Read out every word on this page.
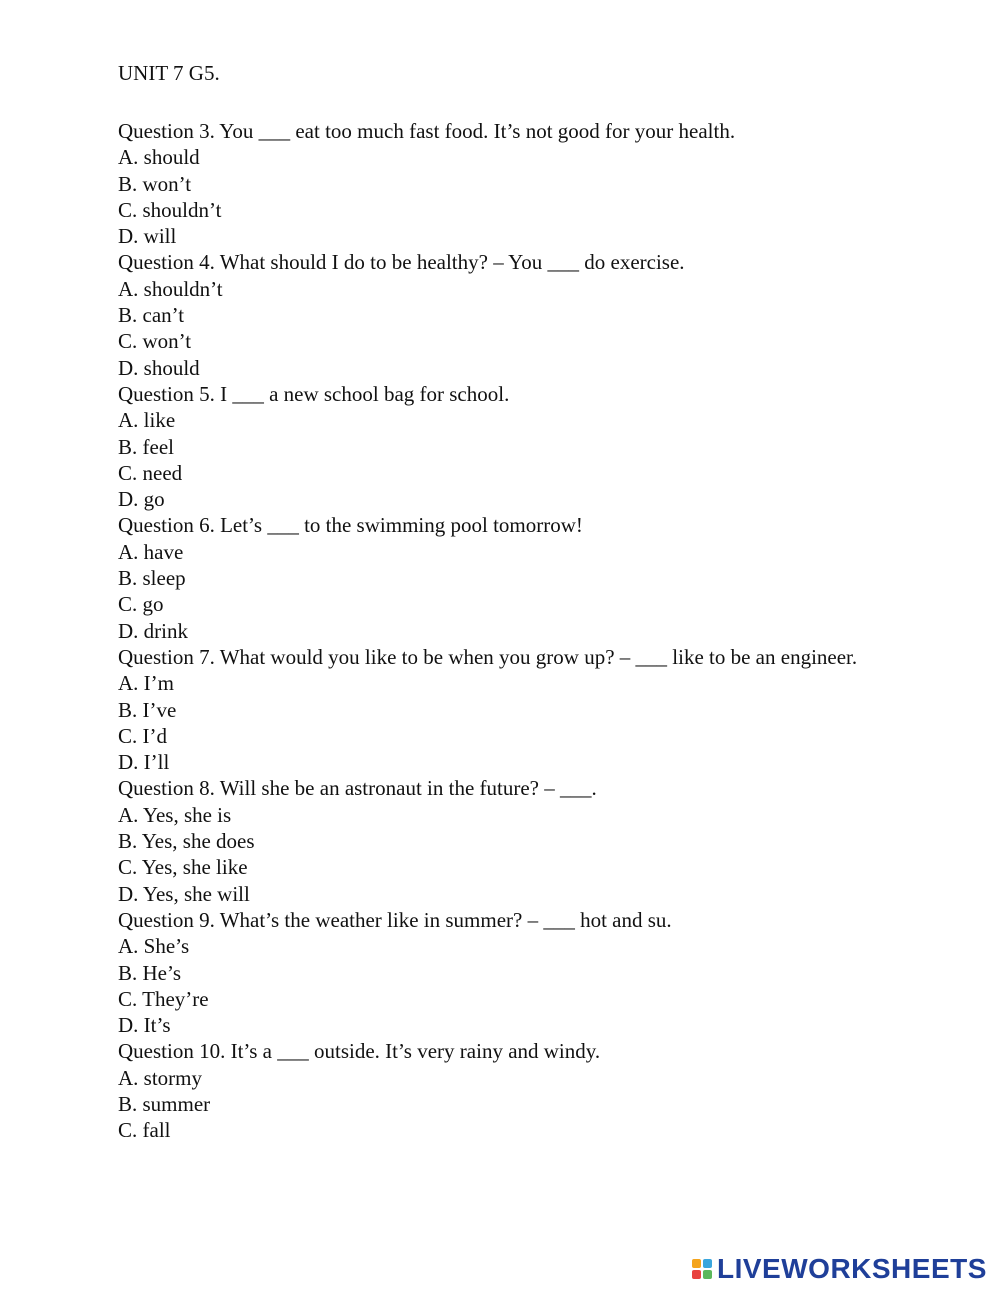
UNIT 7 G5.

Question 3. You ___ eat too much fast food. It’s not good for your health.

A. should

B. won’t

C. shouldn’t

D. will

Question 4. What should I do to be healthy? – You ___ do exercise.

A. shouldn’t

B. can’t

C. won’t

D. should

Question 5. I ___ a new school bag for school.

A. like

B. feel

C. need

D. go

Question 6. Let’s ___ to the swimming pool tomorrow!

A. have

B. sleep

C. go

D. drink

Question 7. What would you like to be when you grow up? – ___ like to be an engineer.

A. I’m

B. I’ve

C. I’d

D. I’ll

Question 8. Will she be an astronaut in the future? – ___.

A. Yes, she is

B. Yes, she does

C. Yes, she like

D. Yes, she will

Question 9. What’s the weather like in summer? – ___ hot and su.

A. She’s

B. He’s

C. They’re

D. It’s

Question 10. It’s a ___ outside. It’s very rainy and windy.

A. stormy

B. summer

C. fall

LIVEWORKSHEETS
